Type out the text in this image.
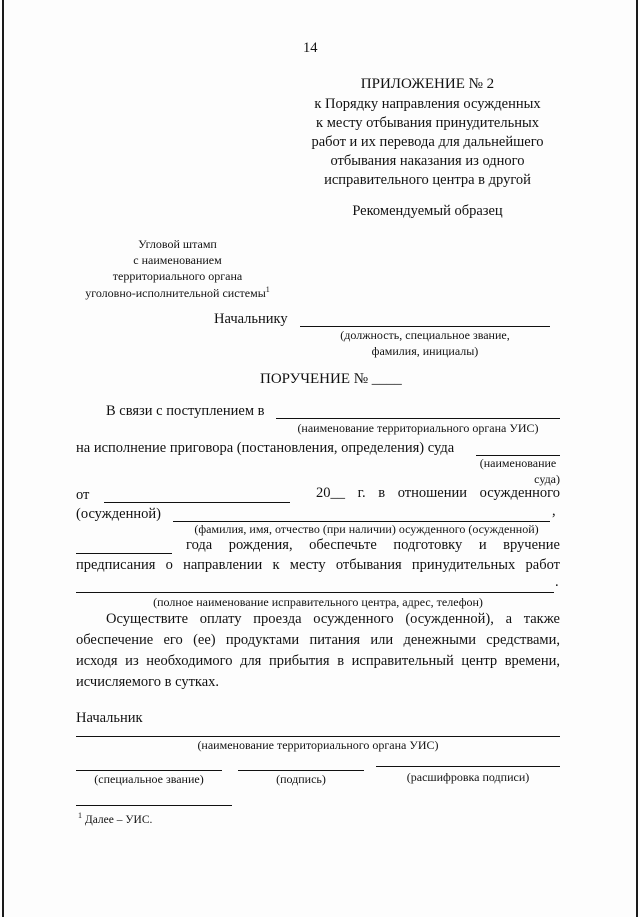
14
ПРИЛОЖЕНИЕ № 2
к Порядку направления осужденных
к месту отбывания принудительных
работ и их перевода для дальнейшего
отбывания наказания из одного
исправительного центра в другой
Рекомендуемый образец
Угловой штамп
с наименованием
территориального органа
уголовно-исполнительной системы$^1$
Начальнику
(должность, специальное звание,
фамилия, инициалы)
ПОРУЧЕНИЕ № ____
В связи с поступлением в
(наименование территориального органа УИС)
на исполнение приговора (постановления, определения) суда
(наименование
суда)
от	20__ г. в отношении осужденного
(осужденной)	,
(фамилия, имя, отчество (при наличии) осужденного (осужденной)
года рождения, обеспечьте подготовку и вручение
предписания о направлении к месту отбывания принудительных работ
.
(полное наименование исправительного центра, адрес, телефон)
Осуществите оплату проезда осужденного (осужденной), а также
обеспечение его (ее) продуктами питания или денежными средствами,
исходя из необходимого для прибытия в исправительный центр времени,
исчисляемого в сутках.
Начальник
(наименование территориального органа УИС)
(специальное звание)	(подпись)	(расшифровка подписи)
$^1$ Далее – УИС.
